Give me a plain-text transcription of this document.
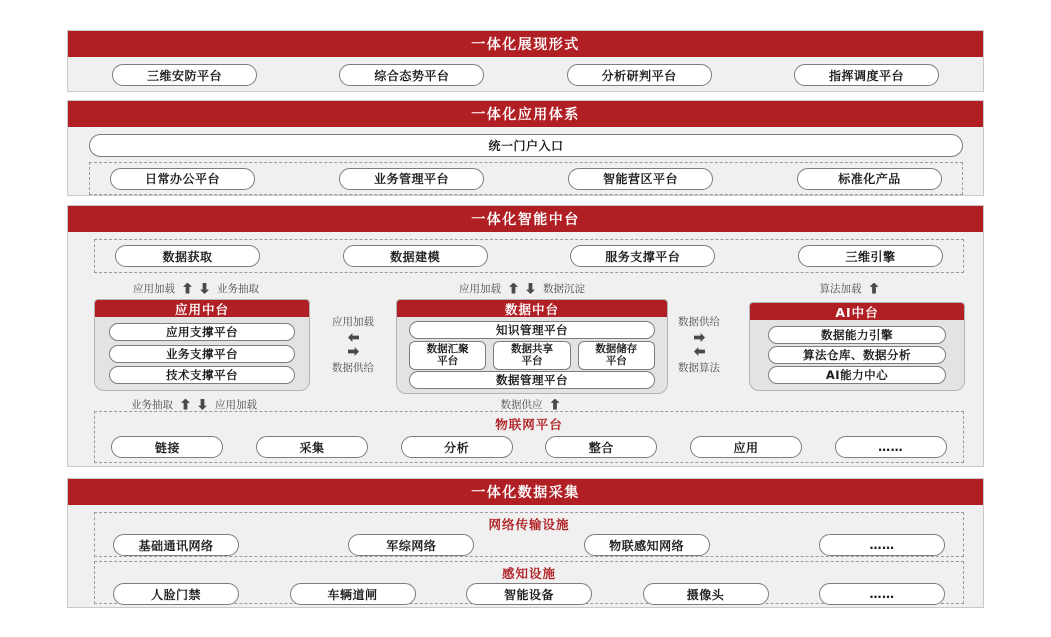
一体化展现形式
三维安防平台	综合态势平台	分析研判平台	指挥调度平台
一体化应用体系
统一门户入口
日常办公平台	业务管理平台	智能营区平台	标准化产品
一体化智能中台
数据获取	数据建模	服务支撑平台	三维引擎
应用加载	业务抽取	应用加载	数据沉淀	算法加载
应用中台
应用支撑平台
业务支撑平台
技术支撑平台
应用加载
数据供给
数据中台
知识管理平台
数据汇聚
平台
数据共享
平台
数据储存
平台
数据管理平台
数据供给
数据算法
AI中台
数据能力引擎
算法仓库、数据分析
AI能力中心
业务抽取	应用加载	数据供应
物联网平台
链接	采集	分析	整合	应用	……
一体化数据采集
网络传输设施
基础通讯网络	军综网络	物联感知网络	……
感知设施
人脸门禁	车辆道闸	智能设备	摄像头	……
